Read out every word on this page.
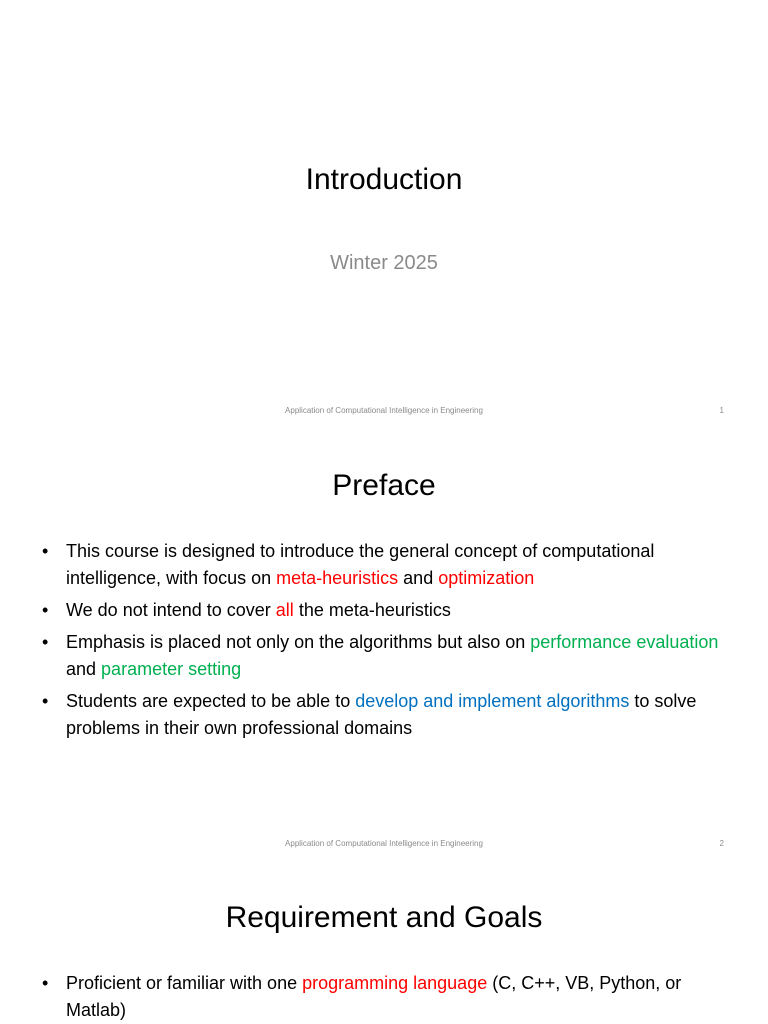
Introduction
Winter 2025
Application of Computational Intelligence in Engineering	1
Preface
• This course is designed to introduce the general concept of computational intelligence, with focus on meta-heuristics and optimization
• We do not intend to cover all the meta-heuristics
• Emphasis is placed not only on the algorithms but also on performance evaluation and parameter setting
• Students are expected to be able to develop and implement algorithms to solve problems in their own professional domains
Application of Computational Intelligence in Engineering	2
Requirement and Goals
• Proficient or familiar with one programming language (C, C++, VB, Python, or Matlab)
